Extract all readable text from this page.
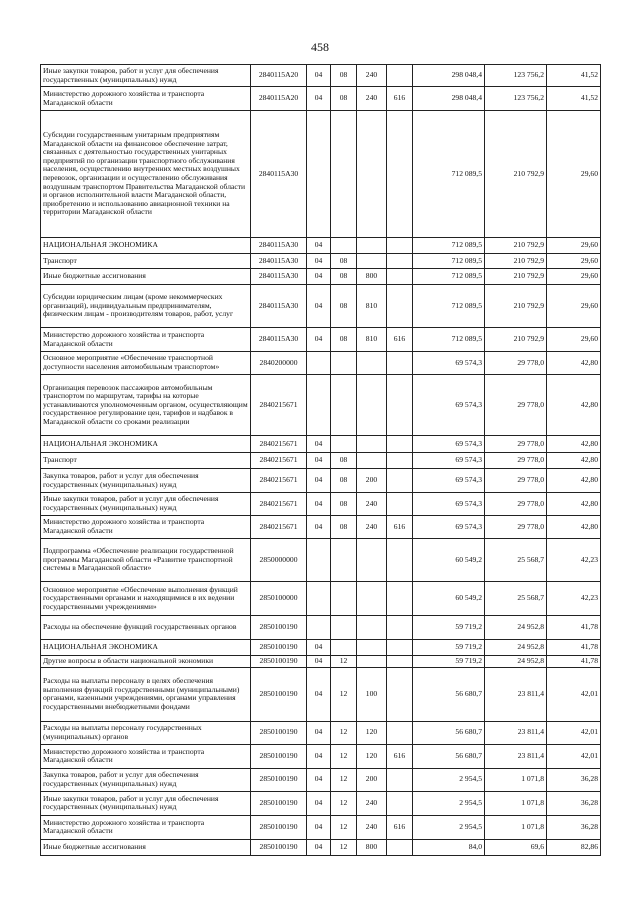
458
Иные закупки товаров, работ и услуг для обеспечения государственных (муниципальных) нужд	2840115A20	04	08	240		298 048,4	123 756,2	41,52
Министерство дорожного хозяйства и транспорта Магаданской области	2840115A20	04	08	240	616	298 048,4	123 756,2	41,52
Субсидии государственным унитарным предприятиям Магаданской области на финансовое обеспечение затрат, связанных с деятельностью государственных унитарных предприятий по организации транспортного обслуживания населения, осуществлению внутренних местных воздушных перевозок, организации и осуществлению обслуживания воздушным транспортом Правительства Магаданской области и органов исполнительной власти Магаданской области, приобретению и использованию авиационной техники на территории Магаданской области	2840115A30					712 089,5	210 792,9	29,60
НАЦИОНАЛЬНАЯ ЭКОНОМИКА	2840115A30	04				712 089,5	210 792,9	29,60
Транспорт	2840115A30	04	08			712 089,5	210 792,9	29,60
Иные бюджетные ассигнования	2840115A30	04	08	800		712 089,5	210 792,9	29,60
Субсидии юридическим лицам (кроме некоммерческих организаций), индивидуальным предпринимателям, физическим лицам - производителям товаров, работ, услуг	2840115A30	04	08	810		712 089,5	210 792,9	29,60
Министерство дорожного хозяйства и транспорта Магаданской области	2840115A30	04	08	810	616	712 089,5	210 792,9	29,60
Основное мероприятие «Обеспечение транспортной доступности населения автомобильным транспортом»	2840200000					69 574,3	29 778,0	42,80
Организация перевозок пассажиров автомобильным транспортом по маршрутам, тарифы на которые устанавливаются уполномоченным органом, осуществляющим государственное регулирование цен, тарифов и надбавок в Магаданской области со сроками реализации	2840215671					69 574,3	29 778,0	42,80
НАЦИОНАЛЬНАЯ ЭКОНОМИКА	2840215671	04				69 574,3	29 778,0	42,80
Транспорт	2840215671	04	08			69 574,3	29 778,0	42,80
Закупка товаров, работ и услуг для обеспечения государственных (муниципальных) нужд	2840215671	04	08	200		69 574,3	29 778,0	42,80
Иные закупки товаров, работ и услуг для обеспечения государственных (муниципальных) нужд	2840215671	04	08	240		69 574,3	29 778,0	42,80
Министерство дорожного хозяйства и транспорта Магаданской области	2840215671	04	08	240	616	69 574,3	29 778,0	42,80
Подпрограмма «Обеспечение реализации государственной программы Магаданской области «Развитие транспортной системы в Магаданской области»	2850000000					60 549,2	25 568,7	42,23
Основное мероприятие «Обеспечение выполнения функций государственными органами и находящимися в их ведении государственными учреждениями»	2850100000					60 549,2	25 568,7	42,23
Расходы на обеспечение функций государственных органов	2850100190					59 719,2	24 952,8	41,78
НАЦИОНАЛЬНАЯ ЭКОНОМИКА	2850100190	04				59 719,2	24 952,8	41,78
Другие вопросы в области национальной экономики	2850100190	04	12			59 719,2	24 952,8	41,78
Расходы на выплаты персоналу в целях обеспечения выполнения функций государственными (муниципальными) органами, казенными учреждениями, органами управления государственными внебюджетными фондами	2850100190	04	12	100		56 680,7	23 811,4	42,01
Расходы на выплаты персоналу государственных (муниципальных) органов	2850100190	04	12	120		56 680,7	23 811,4	42,01
Министерство дорожного хозяйства и транспорта Магаданской области	2850100190	04	12	120	616	56 680,7	23 811,4	42,01
Закупка товаров, работ и услуг для обеспечения государственных (муниципальных) нужд	2850100190	04	12	200		2 954,5	1 071,8	36,28
Иные закупки товаров, работ и услуг для обеспечения государственных (муниципальных) нужд	2850100190	04	12	240		2 954,5	1 071,8	36,28
Министерство дорожного хозяйства и транспорта Магаданской области	2850100190	04	12	240	616	2 954,5	1 071,8	36,28
Иные бюджетные ассигнования	2850100190	04	12	800		84,0	69,6	82,86
